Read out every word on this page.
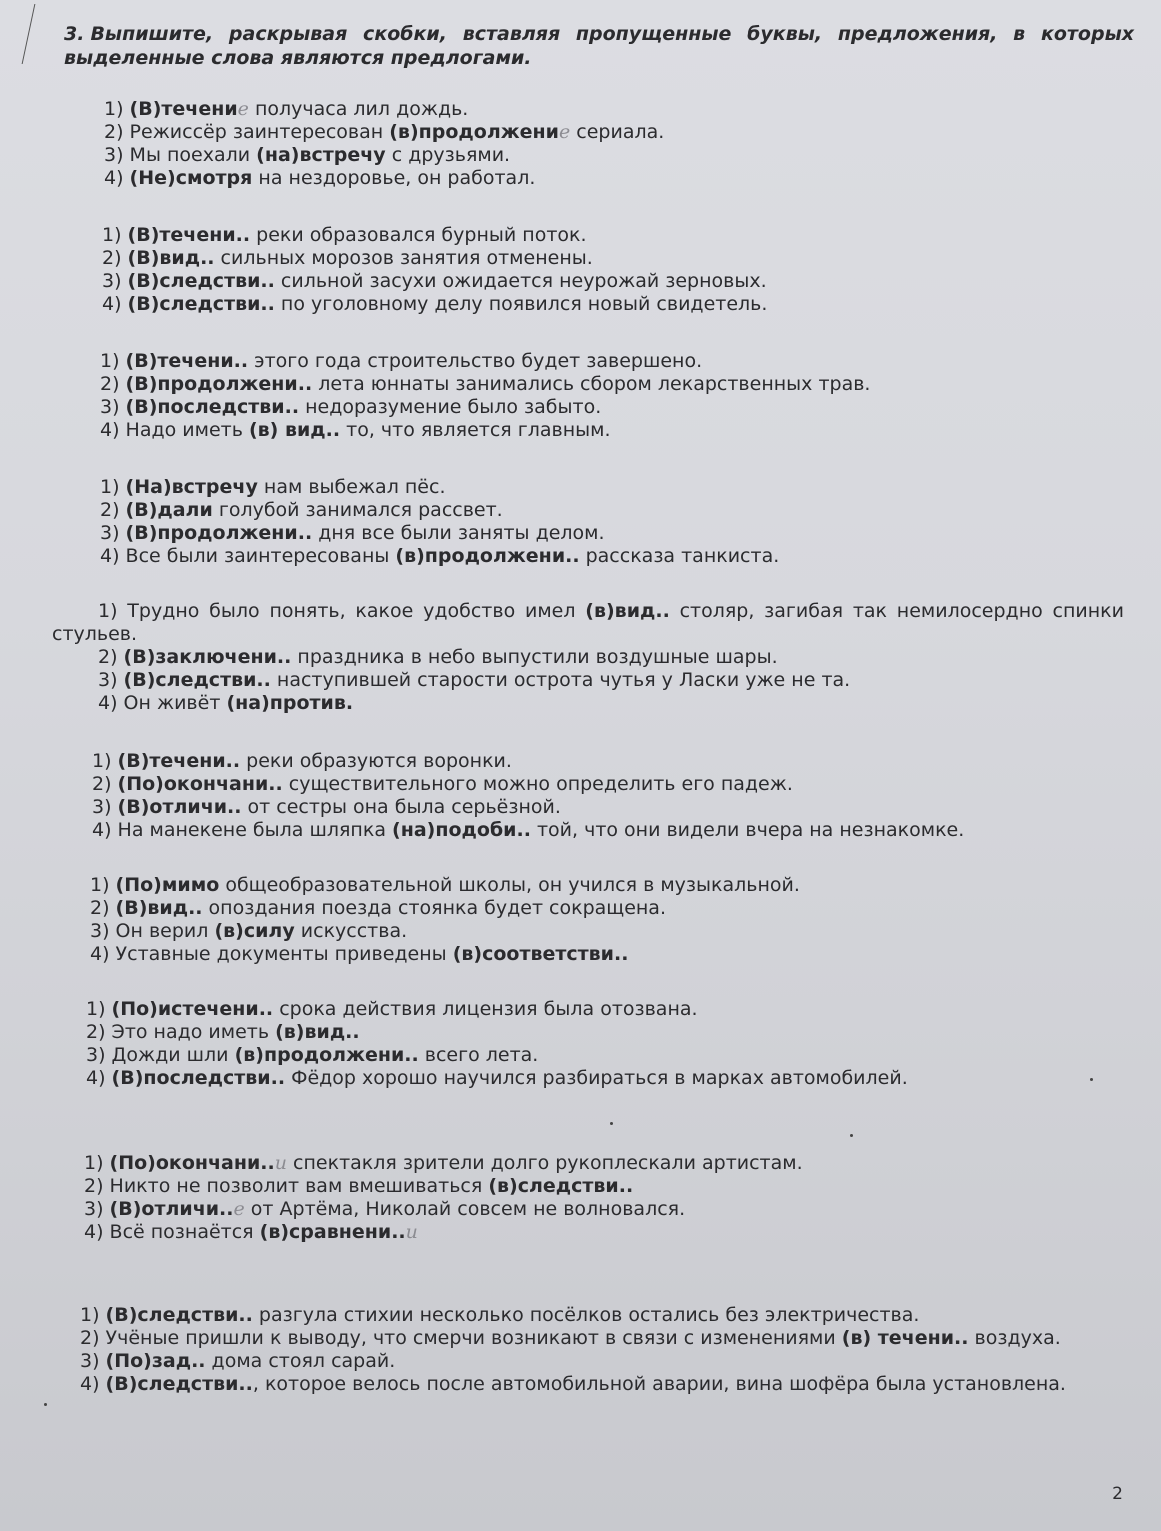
3. Выпишите, раскрывая скобки, вставляя пропущенные буквы, предложения, в которых выделенные слова являются предлогами.
1) (В)течение получаса лил дождь.
2) Режиссёр заинтересован (в)продолжение сериала.
3) Мы поехали (на)встречу с друзьями.
4) (Не)смотря на нездоровье, он работал.
1) (В)течени.. реки образовался бурный поток.
2) (В)вид.. сильных морозов занятия отменены.
3) (В)следстви.. сильной засухи ожидается неурожай зерновых.
4) (В)следстви.. по уголовному делу появился новый свидетель.
1) (В)течени.. этого года строительство будет завершено.
2) (В)продолжени.. лета юннаты занимались сбором лекарственных трав.
3) (В)последстви.. недоразумение было забыто.
4) Надо иметь (в) вид.. то, что является главным.
1) (На)встречу нам выбежал пёс.
2) (В)дали голубой занимался рассвет.
3) (В)продолжени.. дня все были заняты делом.
4) Все были заинтересованы (в)продолжени.. рассказа танкиста.
1) Трудно было понять, какое удобство имел (в)вид.. столяр, загибая так немилосердно спинки стульев.
2) (В)заключени.. праздника в небо выпустили воздушные шары.
3) (В)следстви.. наступившей старости острота чутья у Ласки уже не та.
4) Он живёт (на)против.
1) (В)течени.. реки образуются воронки.
2) (По)окончани.. существительного можно определить его падеж.
3) (В)отличи.. от сестры она была серьёзной.
4) На манекене была шляпка (на)подоби.. той, что они видели вчера на незнакомке.
1) (По)мимо общеобразовательной школы, он учился в музыкальной.
2) (В)вид.. опоздания поезда стоянка будет сокращена.
3) Он верил (в)силу искусства.
4) Уставные документы приведены (в)соответстви..
1) (По)истечени.. срока действия лицензия была отозвана.
2) Это надо иметь (в)вид..
3) Дожди шли (в)продолжени.. всего лета.
4) (В)последстви.. Фёдор хорошо научился разбираться в марках автомобилей.
1) (По)окончани..и спектакля зрители долго рукоплескали артистам.
2) Никто не позволит вам вмешиваться (в)следстви..
3) (В)отличи..е от Артёма, Николай совсем не волновался.
4) Всё познаётся (в)сравнени..и
1) (В)следстви.. разгула стихии несколько посёлков остались без электричества.
2) Учёные пришли к выводу, что смерчи возникают в связи с изменениями (в) течени.. воздуха.
3) (По)зад.. дома стоял сарай.
4) (В)следстви.., которое велось после автомобильной аварии, вина шофёра была установлена.
2
